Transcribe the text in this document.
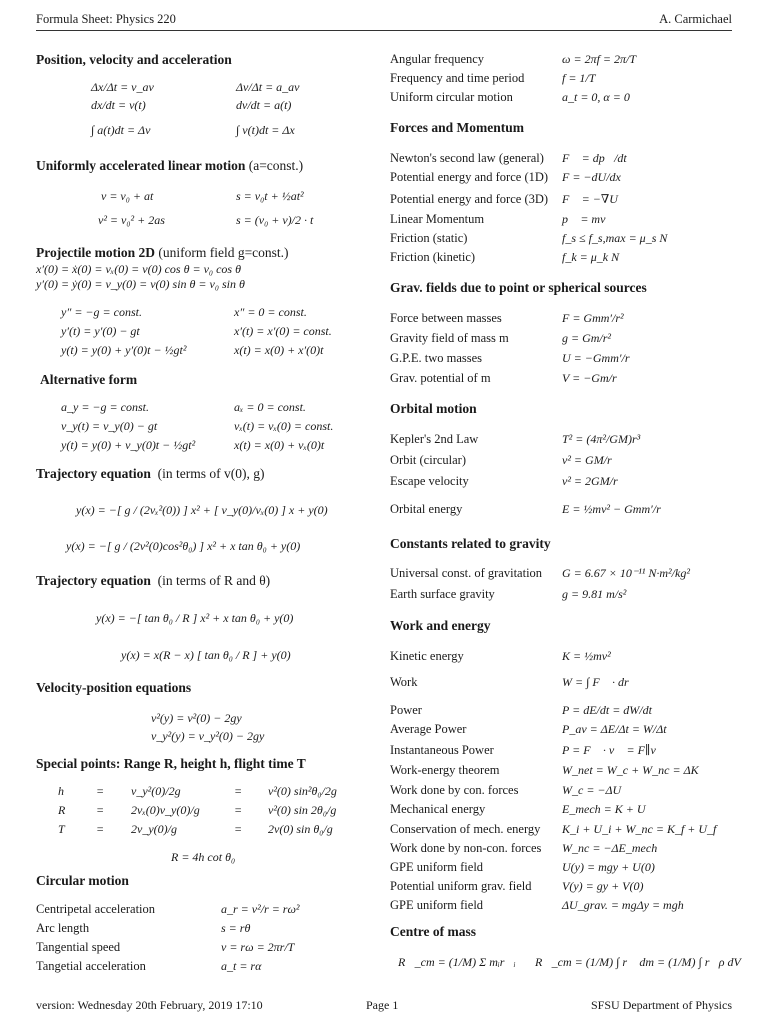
Formula Sheet: Physics 220	A. Carmichael
Position, velocity and acceleration
Δx/Δt = v_av	Δv/Δt = a_av
dx/dt = v(t)	dv/dt = a(t)
∫ a(t)dt = Δv	∫ v(t)dt = Δx
Uniformly accelerated linear motion (a=const.)
v = v₀ + at	s = v₀t + ½at²
v² = v₀² + 2as	s = (v₀ + v)/2 · t
Projectile motion 2D (uniform field g=const.)
x′(0) = ẋ(0) = vₓ(0) = v(0) cos θ = v₀ cos θ
y′(0) = ẏ(0) = v_y(0) = v(0) sin θ = v₀ sin θ
y″ = −g = const.	x″ = 0 = const.
y′(t) = y′(0) − gt	x′(t) = x′(0) = const.
y(t) = y(0) + y′(0)t − ½gt²	x(t) = x(0) + x′(0)t
Alternative form
a_y = −g = const.	aₓ = 0 = const.
v_y(t) = v_y(0) − gt	vₓ(t) = vₓ(0) = const.
y(t) = y(0) + v_y(0)t − ½gt²	x(t) = x(0) + vₓ(0)t
Trajectory equation (in terms of v(0), g)
y(x) = −[ g / (2vₓ²(0)) ] x² + [ v_y(0)/vₓ(0) ] x + y(0)
y(x) = −[ g / (2v²(0)cos²θ₀) ] x² + x tan θ₀ + y(0)
Trajectory equation (in terms of R and θ)
y(x) = −[ tan θ₀ / R ] x² + x tan θ₀ + y(0)
y(x) = x(R − x) [ tan θ₀ / R ] + y(0)
Velocity-position equations
v²(y) = v²(0) − 2gy
v_y²(y) = v_y²(0) − 2gy
Special points: Range R, height h, flight time T
h	= v_y²(0)/2g	= v²(0) sin²θ₀/2g
R	= 2vₓ(0)v_y(0)/g	= v²(0) sin 2θ₀/g
T	= 2v_y(0)/g	= 2v(0) sin θ₀/g
R = 4h cot θ₀
Circular motion
Centripetal acceleration	a_r = v²/r = rω²
Arc length	s = rθ
Tangential speed	v = rω = 2πr/T
Tangetial acceleration	a_t = rα
Angular frequency	ω = 2πf = 2π/T
Frequency and time period	f = 1/T
Uniform circular motion	a_t = 0, α = 0
Forces and Momentum
Newton's second law (general) F⃗ = dp⃗/dt
Potential energy and force (1D) F = −dU/dx
Potential energy and force (3D) F⃗ = −∇U
Linear Momentum	p⃗ = mv⃗
Friction (static)	f_s ≤ f_s,max = μ_s N
Friction (kinetic)	f_k = μ_k N
Grav. fields due to point or spherical sources
Force between masses	F = Gmm′/r²
Gravity field of mass m	g = Gm/r²
G.P.E. two masses	U = −Gmm′/r
Grav. potential of m	V = −Gm/r
Orbital motion
Kepler's 2nd Law	T² = (4π²/GM)r³
Orbit (circular)	v² = GM/r
Escape velocity	v² = 2GM/r
Orbital energy	E = ½mv² − Gmm′/r
Constants related to gravity
Universal const. of gravitation G = 6.67 × 10⁻¹¹ N·m²/kg²
Earth surface gravity	g = 9.81 m/s²
Work and energy
Kinetic energy	K = ½mv²
Work	W = ∫ F⃗ · dr⃗
Power	P = dE/dt = dW/dt
Average Power	P_av = ΔE/Δt = W/Δt
Instantaneous Power	P = F⃗ · v⃗ = F∥v
Work-energy theorem	W_net = W_c + W_nc = ΔK
Work done by con. forces	W_c = −ΔU
Mechanical energy	E_mech = K + U
Conservation of mech. energy K_i + U_i + W_nc = K_f + U_f
Work done by non-con. forces W_nc = −ΔE_mech
GPE uniform field	U(y) = mgy + U(0)
Potential uniform grav. field	V(y) = gy + V(0)
GPE uniform field	ΔU_grav. = mgΔy = mgh
Centre of mass
R⃗_cm = (1/M) Σ mᵢr⃗ᵢ R⃗_cm = (1/M) ∫ r⃗ dm = (1/M) ∫ r⃗ρ dV
version: Wednesday 20th February, 2019 17:10	Page 1	SFSU Department of Physics
